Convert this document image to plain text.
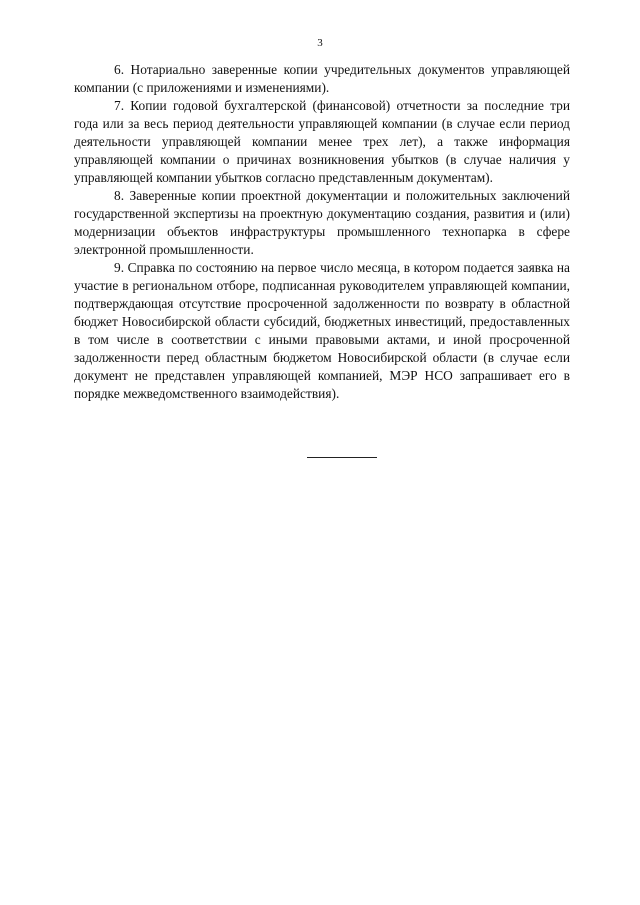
3

6. Нотариально заверенные копии учредительных документов управляющей компании (с приложениями и изменениями).

7. Копии годовой бухгалтерской (финансовой) отчетности за последние три года или за весь период деятельности управляющей компании (в случае если период деятельности управляющей компании менее трех лет), а также информация управляющей компании о причинах возникновения убытков (в случае наличия у управляющей компании убытков согласно представленным документам).

8. Заверенные копии проектной документации и положительных заключений государственной экспертизы на проектную документацию создания, развития и (или) модернизации объектов инфраструктуры промышленного технопарка в сфере электронной промышленности.

9. Справка по состоянию на первое число месяца, в котором подается заявка на участие в региональном отборе, подписанная руководителем управляющей компании, подтверждающая отсутствие просроченной задолженности по возврату в областной бюджет Новосибирской области субсидий, бюджетных инвестиций, предоставленных в том числе в соответствии с иными правовыми актами, и иной просроченной задолженности перед областным бюджетом Новосибирской области (в случае если документ не представлен управляющей компанией, МЭР НСО запрашивает его в порядке межведомственного взаимодействия).
